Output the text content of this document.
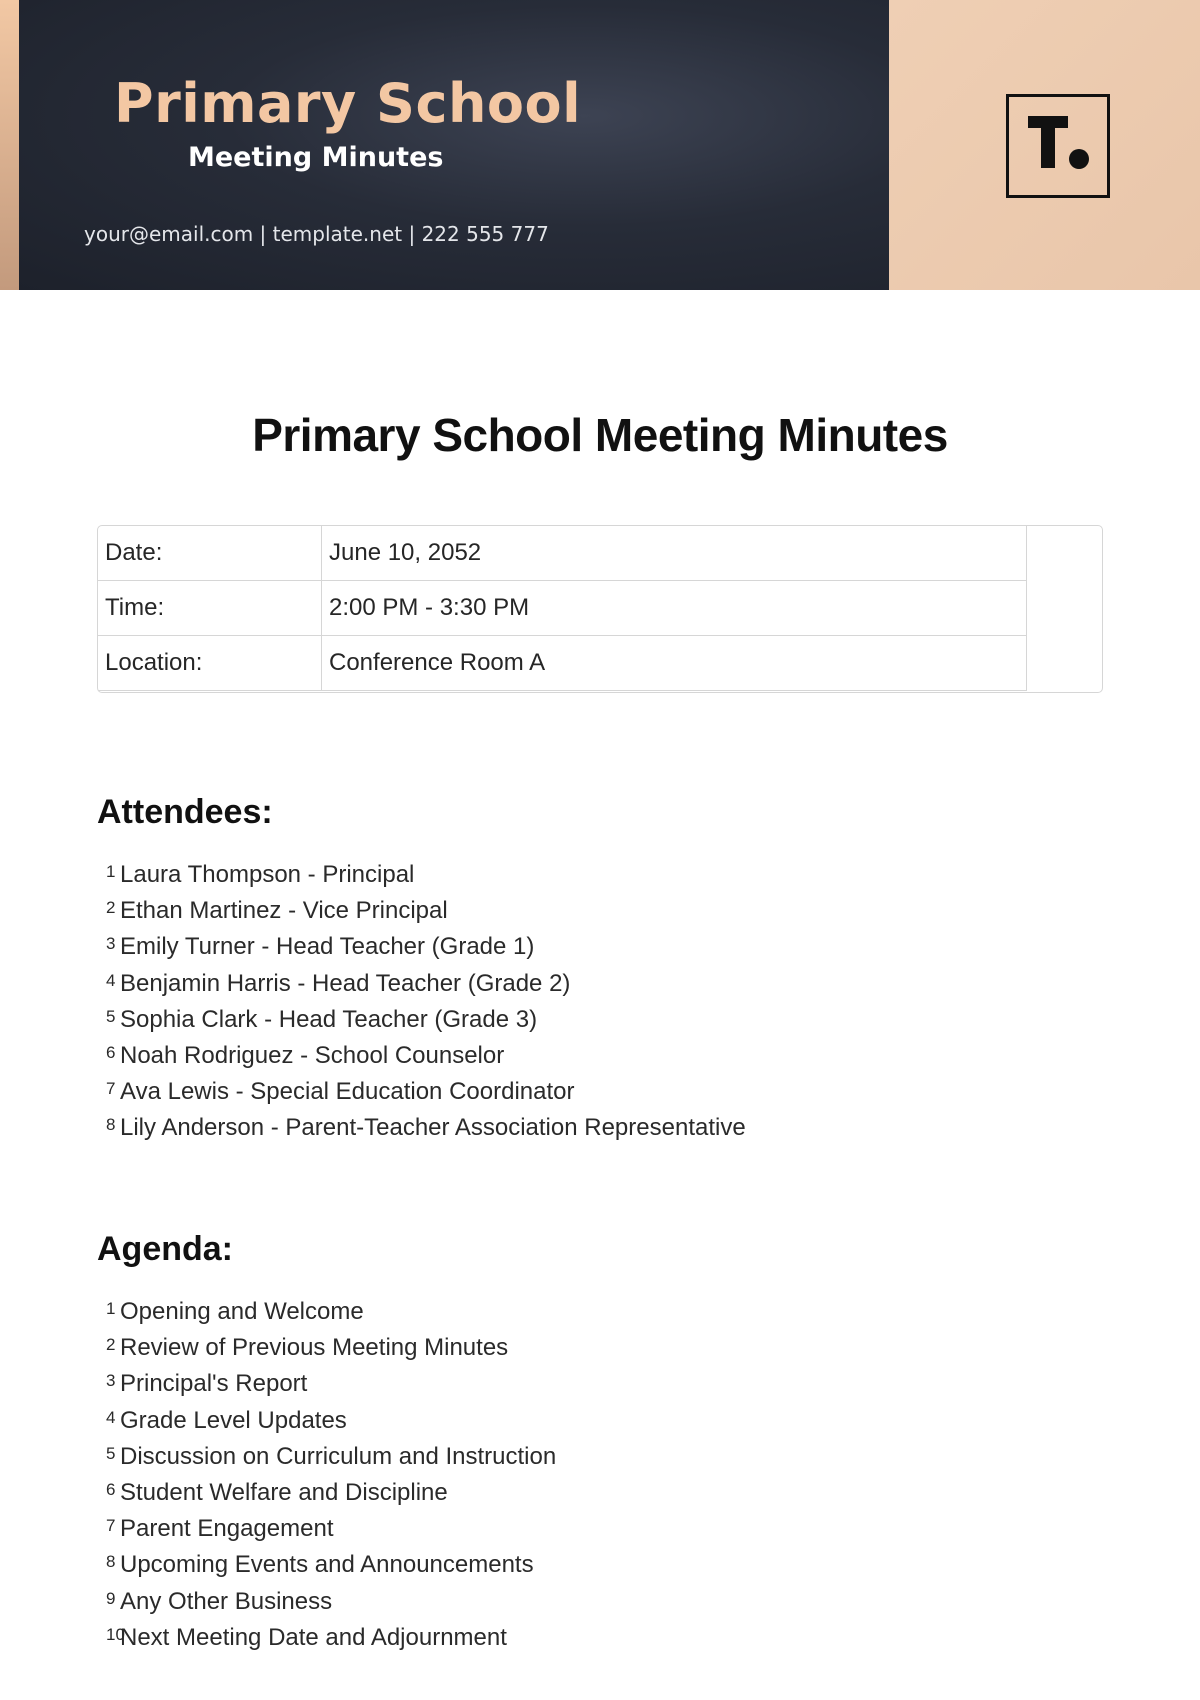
Primary School
Meeting Minutes
your@email.com | template.net | 222 555 777
Primary School Meeting Minutes
Date:	June 10, 2052
Time:	2:00 PM - 3:30 PM
Location:	Conference Room A
Attendees:
1 Laura Thompson - Principal
2 Ethan Martinez - Vice Principal
3 Emily Turner - Head Teacher (Grade 1)
4 Benjamin Harris - Head Teacher (Grade 2)
5 Sophia Clark - Head Teacher (Grade 3)
6 Noah Rodriguez - School Counselor
7 Ava Lewis - Special Education Coordinator
8 Lily Anderson - Parent-Teacher Association Representative
Agenda:
1 Opening and Welcome
2 Review of Previous Meeting Minutes
3 Principal's Report
4 Grade Level Updates
5 Discussion on Curriculum and Instruction
6 Student Welfare and Discipline
7 Parent Engagement
8 Upcoming Events and Announcements
9 Any Other Business
10Next Meeting Date and Adjournment
